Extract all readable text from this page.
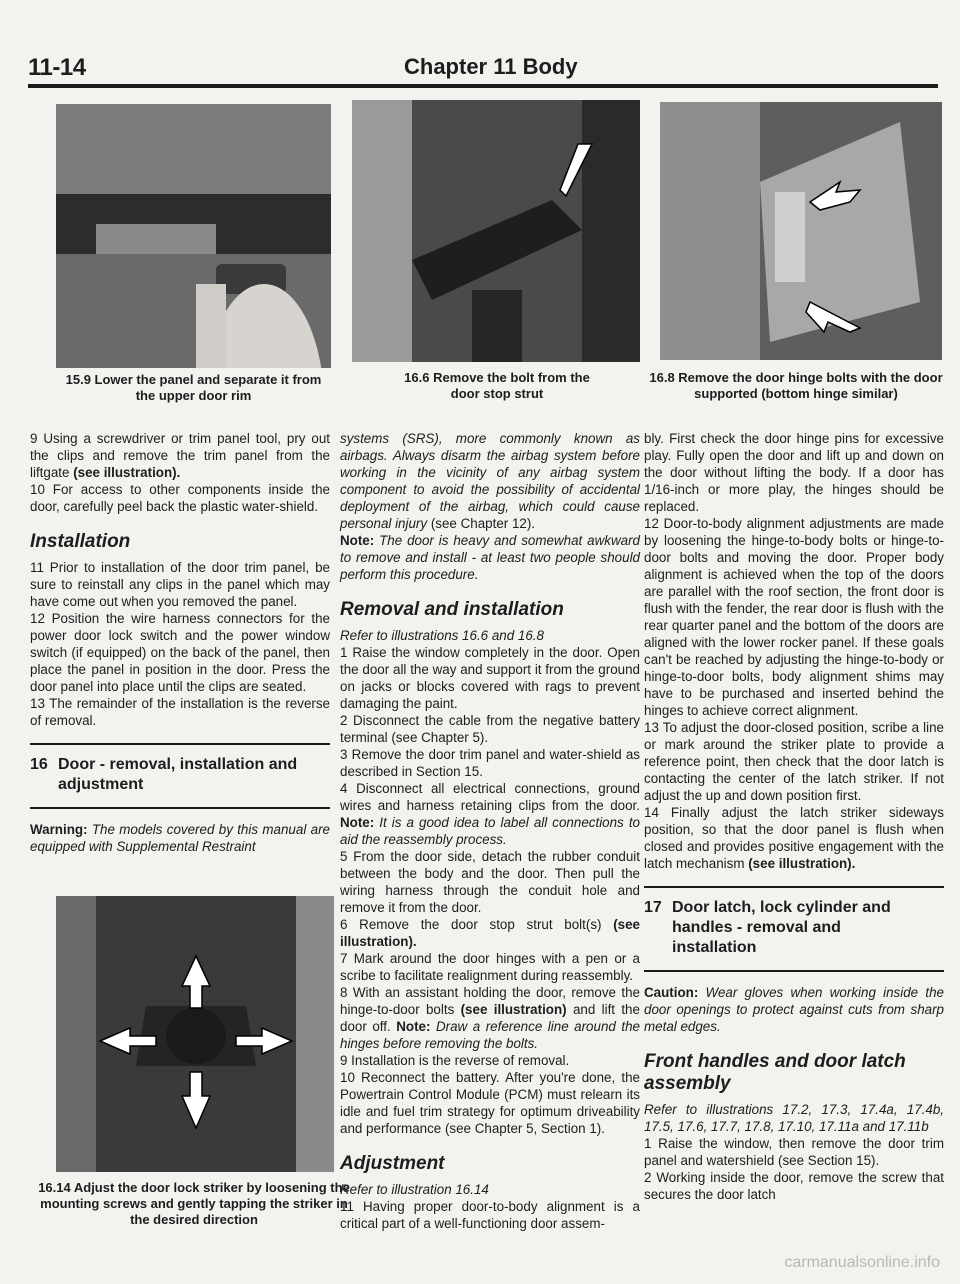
11-14	Chapter 11 Body
15.9 Lower the panel and separate it from the upper door rim
16.6 Remove the bolt from the door stop strut
16.8 Remove the door hinge bolts with the door supported (bottom hinge similar)
16.14 Adjust the door lock striker by loosening the mounting screws and gently tapping the striker in the desired direction

9 Using a screwdriver or trim panel tool, pry out the clips and remove the trim panel from the liftgate (see illustration).

10 For access to other components inside the door, carefully peel back the plastic water-shield.

Installation

11 Prior to installation of the door trim panel, be sure to reinstall any clips in the panel which may have come out when you removed the panel.

12 Position the wire harness connectors for the power door lock switch and the power window switch (if equipped) on the back of the panel, then place the panel in position in the door. Press the door panel into place until the clips are seated.

13 The remainder of the installation is the reverse of removal.

16 Door - removal, installation and adjustment

Warning: The models covered by this manual are equipped with Supplemental Restraint

systems (SRS), more commonly known as airbags. Always disarm the airbag system before working in the vicinity of any airbag system component to avoid the possibility of accidental deployment of the airbag, which could cause personal injury (see Chapter 12).

Note: The door is heavy and somewhat awkward to remove and install - at least two people should perform this procedure.

Removal and installation

Refer to illustrations 16.6 and 16.8

1 Raise the window completely in the door. Open the door all the way and support it from the ground on jacks or blocks covered with rags to prevent damaging the paint.

2 Disconnect the cable from the negative battery terminal (see Chapter 5).

3 Remove the door trim panel and water-shield as described in Section 15.

4 Disconnect all electrical connections, ground wires and harness retaining clips from the door. Note: It is a good idea to label all connections to aid the reassembly process.

5 From the door side, detach the rubber conduit between the body and the door. Then pull the wiring harness through the conduit hole and remove it from the door.

6 Remove the door stop strut bolt(s) (see illustration).

7 Mark around the door hinges with a pen or a scribe to facilitate realignment during reassembly.

8 With an assistant holding the door, remove the hinge-to-door bolts (see illustration) and lift the door off. Note: Draw a reference line around the hinges before removing the bolts.

9 Installation is the reverse of removal.

10 Reconnect the battery. After you're done, the Powertrain Control Module (PCM) must relearn its idle and fuel trim strategy for optimum driveability and performance (see Chapter 5, Section 1).

Adjustment

Refer to illustration 16.14

11 Having proper door-to-body alignment is a critical part of a well-functioning door assem-

bly. First check the door hinge pins for excessive play. Fully open the door and lift up and down on the door without lifting the body. If a door has 1/16-inch or more play, the hinges should be replaced.

12 Door-to-body alignment adjustments are made by loosening the hinge-to-body bolts or hinge-to-door bolts and moving the door. Proper body alignment is achieved when the top of the doors are parallel with the roof section, the front door is flush with the fender, the rear door is flush with the rear quarter panel and the bottom of the doors are aligned with the lower rocker panel. If these goals can't be reached by adjusting the hinge-to-body or hinge-to-door bolts, body alignment shims may have to be purchased and inserted behind the hinges to achieve correct alignment.

13 To adjust the door-closed position, scribe a line or mark around the striker plate to provide a reference point, then check that the door latch is contacting the center of the latch striker. If not adjust the up and down position first.

14 Finally adjust the latch striker sideways position, so that the door panel is flush when closed and provides positive engagement with the latch mechanism (see illustration).

17 Door latch, lock cylinder and handles - removal and installation

Caution: Wear gloves when working inside the door openings to protect against cuts from sharp metal edges.

Front handles and door latch assembly

Refer to illustrations 17.2, 17.3, 17.4a, 17.4b, 17.5, 17.6, 17.7, 17.8, 17.10, 17.11a and 17.11b

1 Raise the window, then remove the door trim panel and watershield (see Section 15).

2 Working inside the door, remove the screw that secures the door latch

carmanualsonline.info
